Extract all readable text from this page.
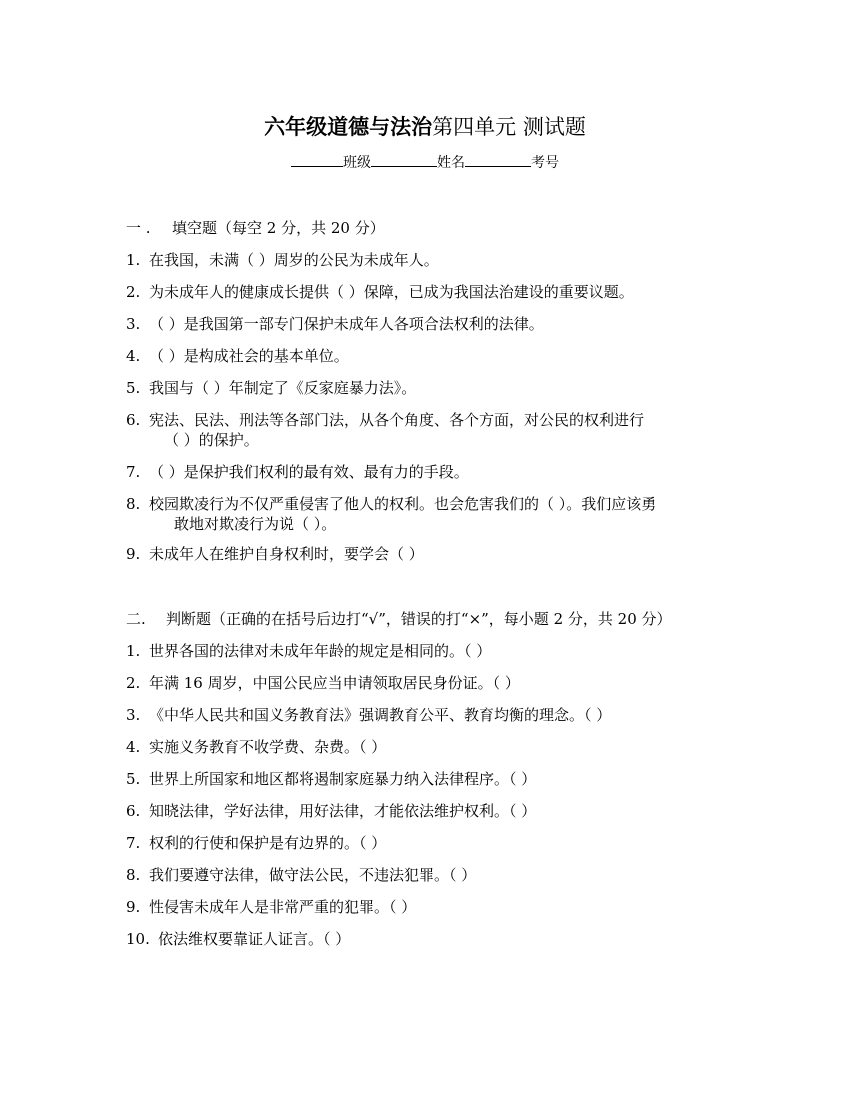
六年级道德与法治第四单元 测试题
班级	姓名	考号
一 . 填空题（每空 2 分，共 20 分）
1. 在我国，未满（ ）周岁的公民为未成年人。
2. 为未成年人的健康成长提供（ ）保障，已成为我国法治建设的重要议题。
3. （ ）是我国第一部专门保护未成年人各项合法权利的法律。
4. （ ）是构成社会的基本单位。
5. 我国与（ ）年制定了《反家庭暴力法》。
6. 宪法、民法、刑法等各部门法，从各个角度、各个方面，对公民的权利进行
（ ）的保护。
7. （ ）是保护我们权利的最有效、最有力的手段。
8. 校园欺凌行为不仅严重侵害了他人的权利。也会危害我们的（ ）。我们应该勇
敢地对欺凌行为说（ ）。
9. 未成年人在维护自身权利时，要学会（ ）
二. 判断题（正确的在括号后边打“√”，错误的打“×”，每小题 2 分，共 20 分）
1. 世界各国的法律对未成年年龄的规定是相同的。（ ）
2. 年满 16 周岁，中国公民应当申请领取居民身份证。（ ）
3. 《中华人民共和国义务教育法》强调教育公平、教育均衡的理念。（ ）
4. 实施义务教育不收学费、杂费。（ ）
5. 世界上所国家和地区都将遏制家庭暴力纳入法律程序。（ ）
6. 知晓法律，学好法律，用好法律，才能依法维护权利。（ ）
7. 权利的行使和保护是有边界的。（ ）
8. 我们要遵守法律，做守法公民，不违法犯罪。（ ）
9. 性侵害未成年人是非常严重的犯罪。（ ）
10. 依法维权要靠证人证言。（ ）
